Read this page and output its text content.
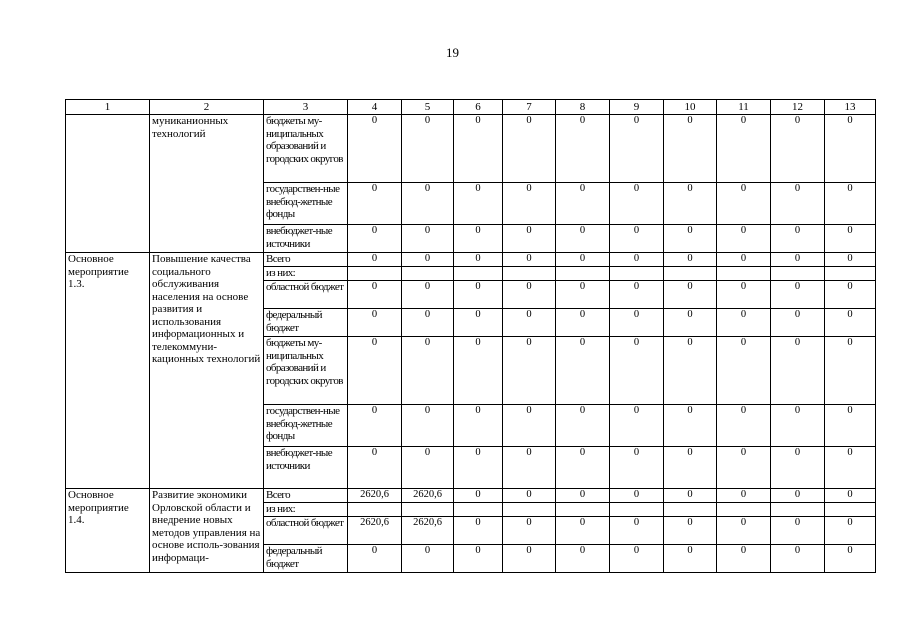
19
1	2	3	4	5	6	7	8	9	10	11	12	13
	муниканионных технологий	бюджеты му-ниципальных образований и городских округов	0	0	0	0	0	0	0	0	0	0
		государствен-ные внебюд-жетные фонды	0	0	0	0	0	0	0	0	0	0
		внебюджет-ные источники	0	0	0	0	0	0	0	0	0	0
Основное мероприятие 1.3.	Повышение качества социального обслуживания населения на основе развития и использования информационных и телекоммуни-кационных технологий	Всего	0	0	0	0	0	0	0	0	0	0
		из них:										
		областной бюджет	0	0	0	0	0	0	0	0	0	0
		федеральный бюджет	0	0	0	0	0	0	0	0	0	0
		бюджеты му-ниципальных образований и городских округов	0	0	0	0	0	0	0	0	0	0
		государствен-ные внебюд-жетные фонды	0	0	0	0	0	0	0	0	0	0
		внебюджет-ные источники	0	0	0	0	0	0	0	0	0	0
Основное мероприятие 1.4.	Развитие экономики Орловской области и внедрение новых методов управления на основе исполь-зования информаци-	Всего	2620,6	2620,6	0	0	0	0	0	0	0	0
		из них:										
		областной бюджет	2620,6	2620,6	0	0	0	0	0	0	0	0
		федеральный бюджет	0	0	0	0	0	0	0	0	0	0
